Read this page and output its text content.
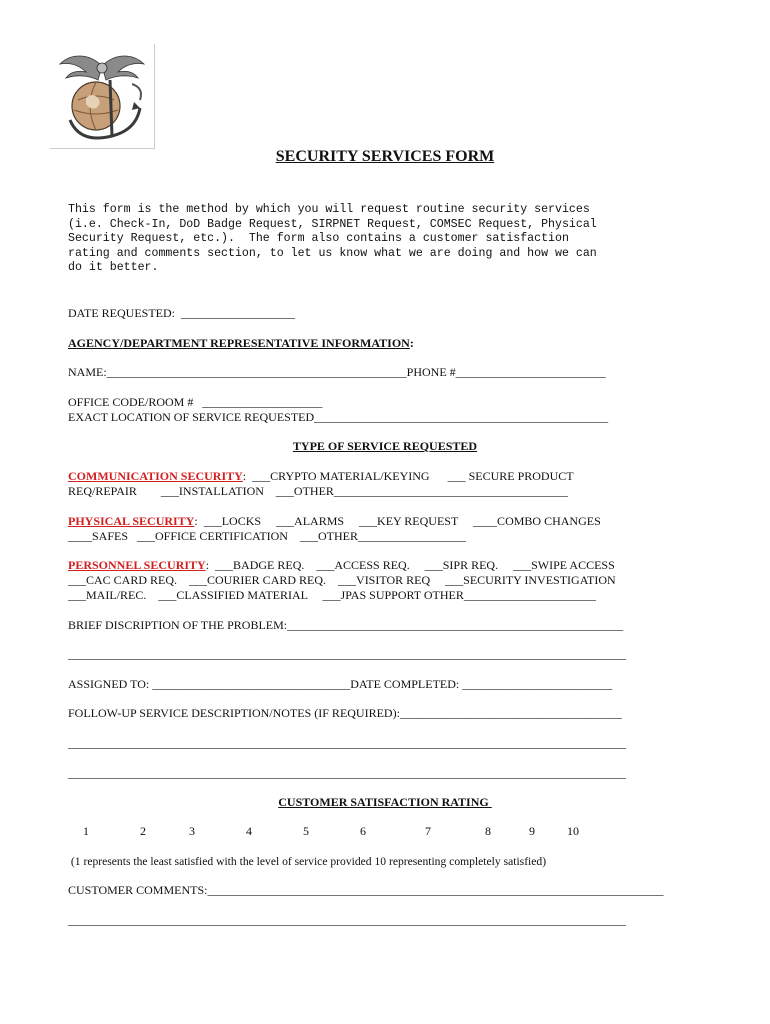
SECURITY SERVICES FORM
This form is the method by which you will request routine security services
(i.e. Check-In, DoD Badge Request, SIRPNET Request, COMSEC Request, Physical
Security Request, etc.).  The form also contains a customer satisfaction
rating and comments section, to let us know what we are doing and how we can
do it better.
DATE REQUESTED:  ___________________
AGENCY/DEPARTMENT REPRESENTATIVE INFORMATION:
NAME:__________________________________________________PHONE #_________________________
OFFICE CODE/ROOM #   ____________________
EXACT LOCATION OF SERVICE REQUESTED_________________________________________________
TYPE OF SERVICE REQUESTED
COMMUNICATION SECURITY:  ___CRYPTO MATERIAL/KEYING      ___ SECURE PRODUCT
REQ/REPAIR        ___INSTALLATION    ___OTHER_______________________________________
PHYSICAL SECURITY:  ___LOCKS     ___ALARMS     ___KEY REQUEST     ____COMBO CHANGES
____SAFES   ___OFFICE CERTIFICATION    ___OTHER__________________
PERSONNEL SECURITY:  ___BADGE REQ.    ___ACCESS REQ.     ___SIPR REQ.     ___SWIPE ACCESS
___CAC CARD REQ.    ___COURIER CARD REQ.    ___VISITOR REQ     ___SECURITY INVESTIGATION
___MAIL/REC.    ___CLASSIFIED MATERIAL     ___JPAS SUPPORT OTHER______________________
BRIEF DISCRIPTION OF THE PROBLEM:________________________________________________________
_____________________________________________________________________________________________
ASSIGNED TO: _________________________________DATE COMPLETED: _________________________
FOLLOW-UP SERVICE DESCRIPTION/NOTES (IF REQUIRED):_____________________________________
_____________________________________________________________________________________________
_____________________________________________________________________________________________
CUSTOMER SATISFACTION RATING
1	2	3	4	5	6	7	8	9	10
(1 represents the least satisfied with the level of service provided 10 representing completely satisfied)
CUSTOMER COMMENTS:____________________________________________________________________________
_____________________________________________________________________________________________
